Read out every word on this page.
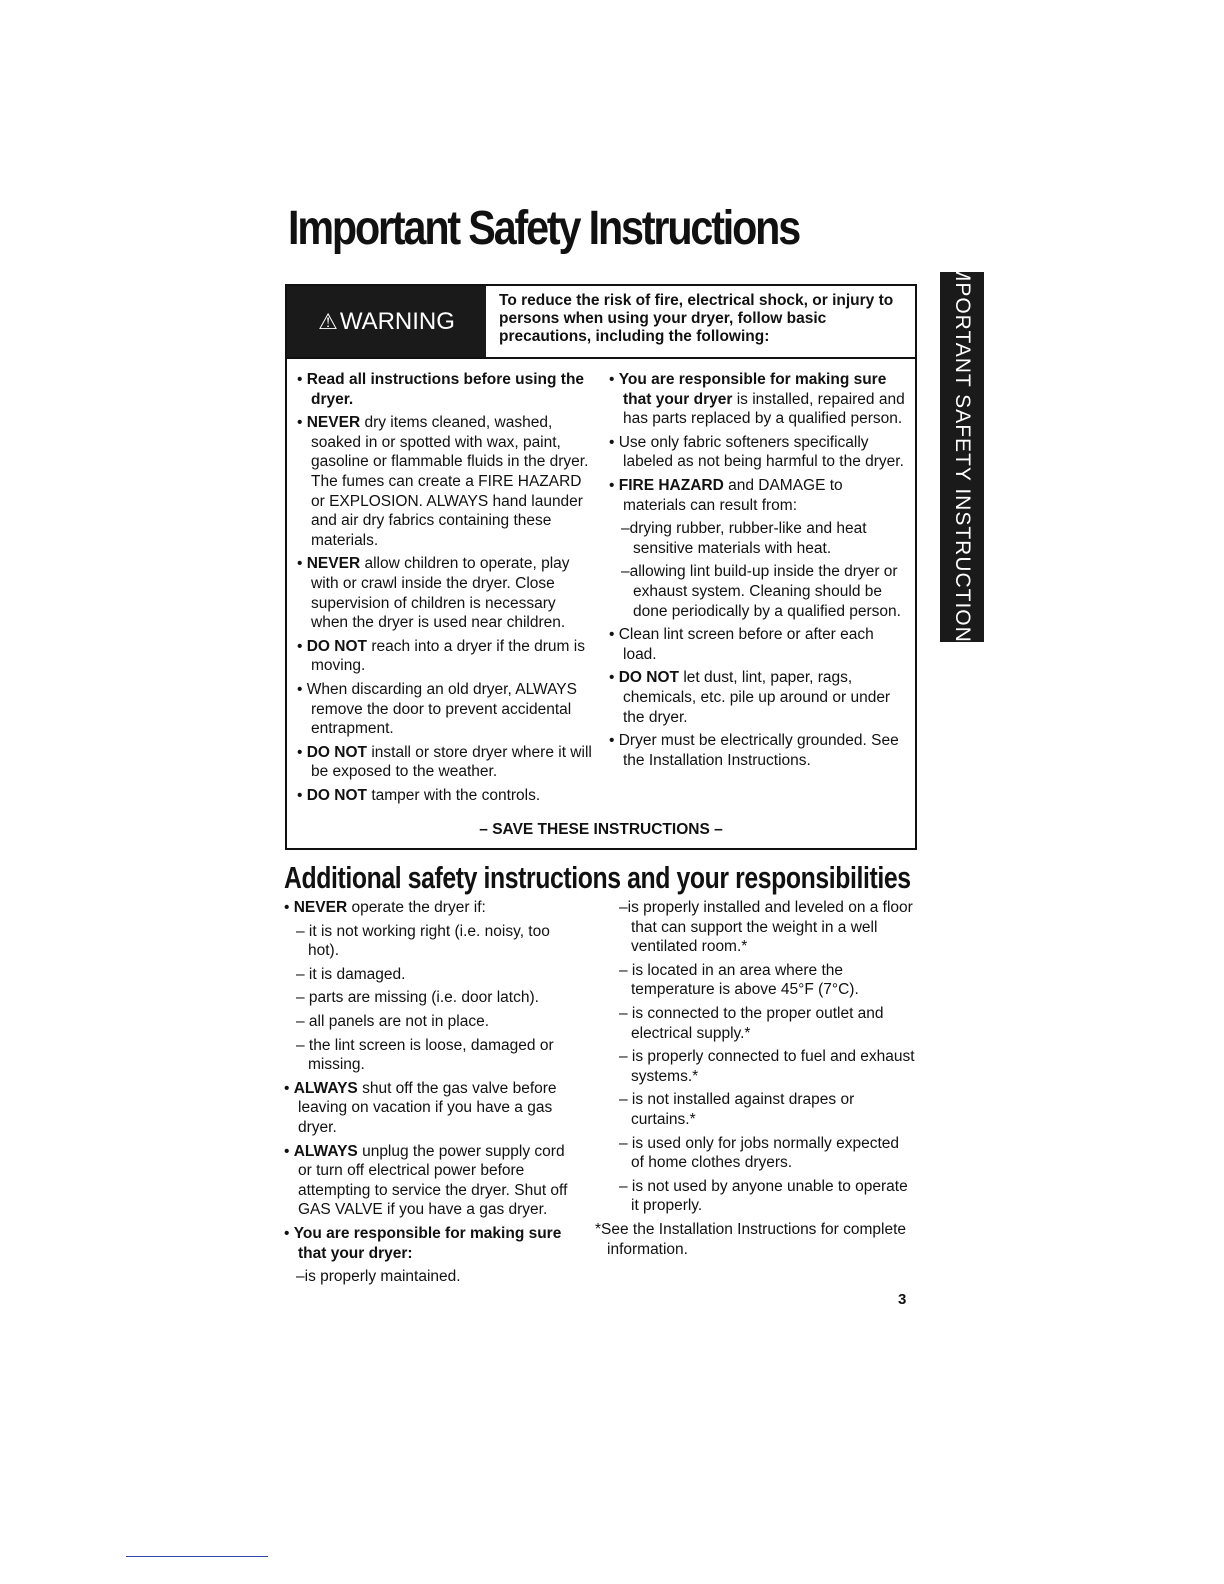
Important Safety Instructions
IMPORTANT SAFETY INSTRUCTIONS
⚠ WARNING
To reduce the risk of fire, electrical shock, or injury to persons when using your dryer, follow basic precautions, including the following:

• Read all instructions before using the dryer.

• NEVER dry items cleaned, washed, soaked in or spotted with wax, paint, gasoline or flammable fluids in the dryer. The fumes can create a FIRE HAZARD or EXPLOSION. ALWAYS hand launder and air dry fabrics containing these materials.

• NEVER allow children to operate, play with or crawl inside the dryer. Close supervision of children is necessary when the dryer is used near children.

• DO NOT reach into a dryer if the drum is moving.

• When discarding an old dryer, ALWAYS remove the door to prevent accidental entrapment.

• DO NOT install or store dryer where it will be exposed to the weather.

• DO NOT tamper with the controls.

• You are responsible for making sure that your dryer is installed, repaired and has parts replaced by a qualified person.

• Use only fabric softeners specifically labeled as not being harmful to the dryer.

• FIRE HAZARD and DAMAGE to materials can result from:

–drying rubber, rubber-like and heat sensitive materials with heat.

–allowing lint build-up inside the dryer or exhaust system. Cleaning should be done periodically by a qualified person.

• Clean lint screen before or after each load.

• DO NOT let dust, lint, paper, rags, chemicals, etc. pile up around or under the dryer.

• Dryer must be electrically grounded. See the Installation Instructions.

– SAVE THESE INSTRUCTIONS –
Additional safety instructions and your responsibilities

• NEVER operate the dryer if:

– it is not working right (i.e. noisy, too hot).

– it is damaged.

– parts are missing (i.e. door latch).

– all panels are not in place.

– the lint screen is loose, damaged or missing.

• ALWAYS shut off the gas valve before leaving on vacation if you have a gas dryer.

• ALWAYS unplug the power supply cord or turn off electrical power before attempting to service the dryer. Shut off GAS VALVE if you have a gas dryer.

• You are responsible for making sure that your dryer:

–is properly maintained.

–is properly installed and leveled on a floor that can support the weight in a well ventilated room.*

– is located in an area where the temperature is above 45°F (7°C).

– is connected to the proper outlet and electrical supply.*

– is properly connected to fuel and exhaust systems.*

– is not installed against drapes or curtains.*

– is used only for jobs normally expected of home clothes dryers.

– is not used by anyone unable to operate it properly.

*See the Installation Instructions for complete information.

3
